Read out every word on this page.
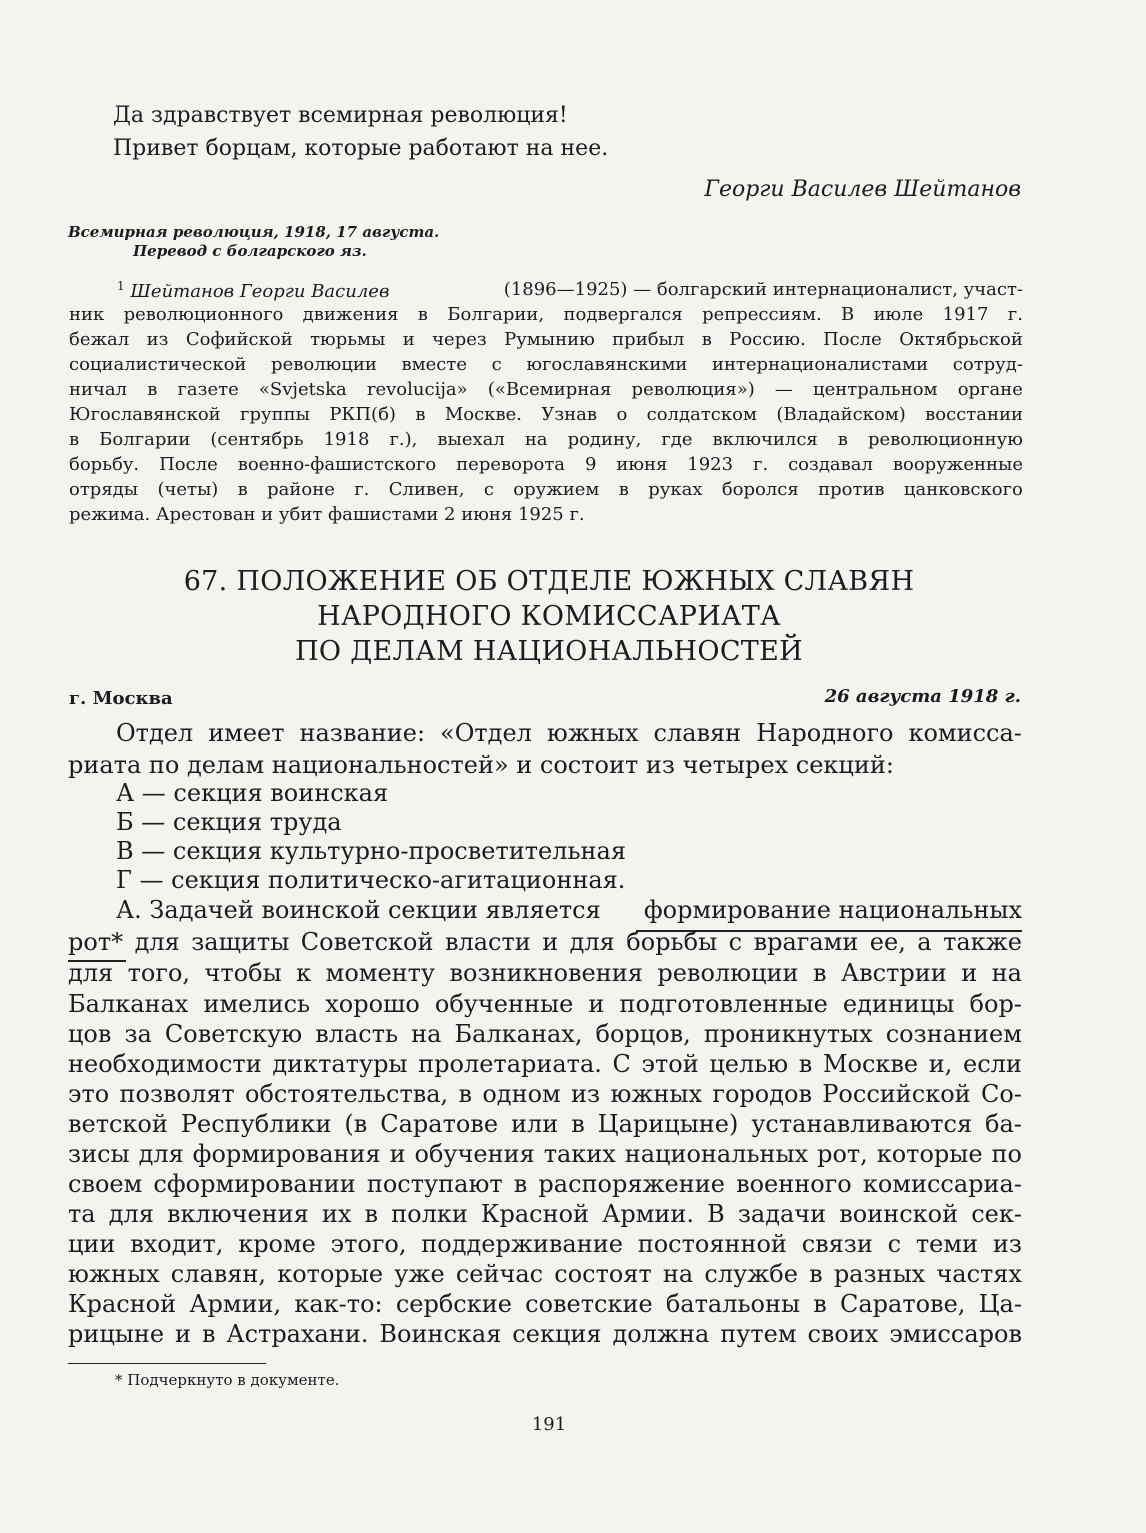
Да здравствует всемирная революция!

Привет борцам, которые работают на нее.

Георги Василев Шейтанов

Всемирная революция, 1918, 17 августа.

Перевод с болгарского яз.

$^1$ Шейтанов Георги Василев	(1896—1925) — болгарский интернационалист, участ-
ник революционного движения в Болгарии, подвергался репрессиям. В июле 1917 г.
бежал из Софийской тюрьмы и через Румынию прибыл в Россию. После Октябрьской
социалистической революции вместе с югославянскими интернационалистами сотруд-
ничал в газете «Svjetska revolucija» («Всемирная революция») — центральном органе
Югославянской группы РКП(б) в Москве. Узнав о солдатском (Владайском) восстании
в Болгарии (сентябрь 1918 г.), выехал на родину, где включился в революционную
борьбу. После военно-фашистского переворота 9 июня 1923 г. создавал вооруженные
отряды (четы) в районе г. Сливен, с оружием в руках боролся против цанковского

режима. Арестован и убит фашистами 2 июня 1925 г.

67. ПОЛОЖЕНИЕ ОБ ОТДЕЛЕ ЮЖНЫХ СЛАВЯН

НАРОДНОГО КОМИССАРИАТА

ПО ДЕЛАМ НАЦИОНАЛЬНОСТЕЙ

г. Москва	26 августа 1918 г.

Отдел имеет название: «Отдел южных славян Народного комисса-

риата по делам национальностей» и состоит из четырех секций:

А — секция воинская

Б — секция труда

В — секция культурно-просветительная

Г — секция политическо-агитационная.

А. Задачей воинской секции является формирование национальных
рот* для защиты Советской власти и для борьбы с врагами ее, а также
для того, чтобы к моменту возникновения революции в Австрии и на
Балканах имелись хорошо обученные и подготовленные единицы бор-
цов за Советскую власть на Балканах, борцов, проникнутых сознанием
необходимости диктатуры пролетариата. С этой целью в Москве и, если
это позволят обстоятельства, в одном из южных городов Российской Со-
ветской Республики (в Саратове или в Царицыне) устанавливаются ба-
зисы для формирования и обучения таких национальных рот, которые по
своем сформировании поступают в распоряжение военного комиссариа-
та для включения их в полки Красной Армии. В задачи воинской сек-
ции входит, кроме этого, поддерживание постоянной связи с теми из
южных славян, которые уже сейчас состоят на службе в разных частях
Красной Армии, как-то: сербские советские батальоны в Саратове, Ца-
рицыне и в Астрахани. Воинская секция должна путем своих эмиссаров

* Подчеркнуто в документе.

191
